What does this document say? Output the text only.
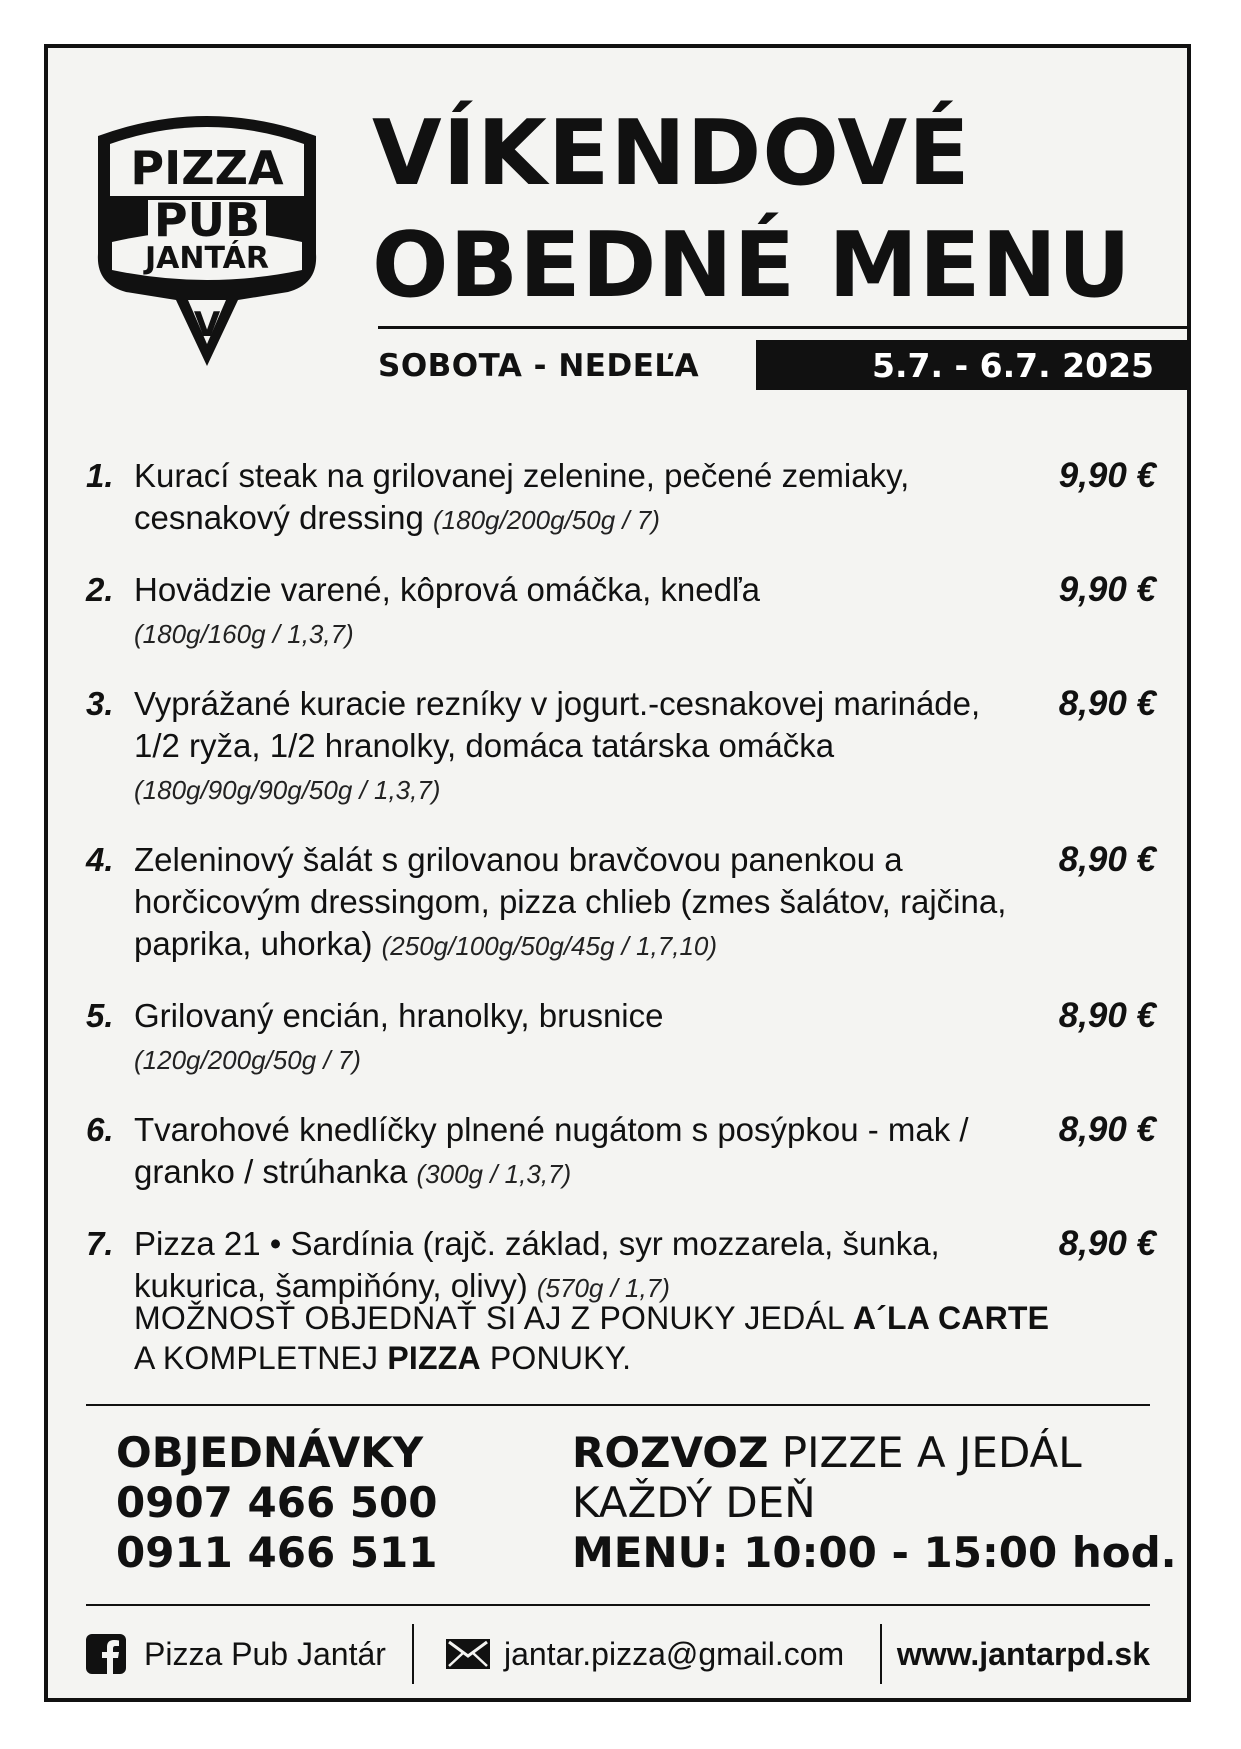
PIZZA
PUB
JANTÁR
V
VÍKENDOVÉ
OBEDNÉ MENU
SOBOTA - NEDEĽA	5.7. - 6.7. 2025
1. Kurací steak na grilovanej zelenine, pečené zemiaky, cesnakový dressing (180g/200g/50g / 7)
9,90 €
2. Hovädzie varené, kôprová omáčka, knedľa
(180g/160g / 1,3,7)
9,90 €
3. Vyprážané kuracie rezníky v jogurt.-cesnakovej marináde, 1/2 ryža, 1/2 hranolky, domáca tatárska omáčka
(180g/90g/90g/50g / 1,3,7)
8,90 €
4. Zeleninový šalát s grilovanou bravčovou panenkou a horčicovým dressingom, pizza chlieb (zmes šalátov, rajčina, paprika, uhorka) (250g/100g/50g/45g / 1,7,10)
8,90 €
5. Grilovaný encián, hranolky, brusnice
(120g/200g/50g / 7)
8,90 €
6. Tvarohové knedlíčky plnené nugátom s posýpkou - mak / granko / strúhanka (300g / 1,3,7)
8,90 €
7. Pizza 21 • Sardínia (rajč. základ, syr mozzarela, šunka, kukurica, šampiňóny, olivy) (570g / 1,7)
8,90 €
MOŽNOSŤ OBJEDNAŤ SI AJ Z PONUKY JEDÁL A´LA CARTE
A KOMPLETNEJ PIZZA PONUKY.
OBJEDNÁVKY
0907 466 500
0911 466 511
ROZVOZ PIZZE A JEDÁL
KAŽDÝ DEŇ
MENU: 10:00 - 15:00 hod.
Pizza Pub Jantár	jantar.pizza@gmail.com www.jantarpd.sk
